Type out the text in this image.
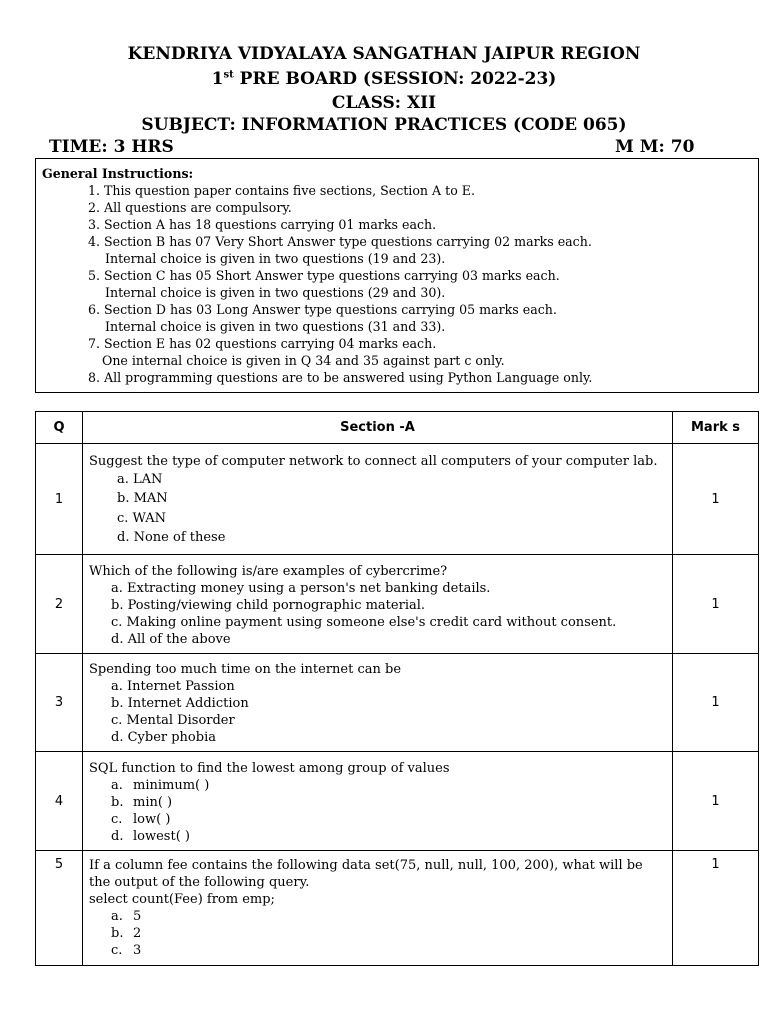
KENDRIYA VIDYALAYA SANGATHAN JAIPUR REGION
1st PRE BOARD (SESSION: 2022-23)
CLASS: XII
SUBJECT: INFORMATION PRACTICES (CODE 065)
TIME: 3 HRS	M M: 70
General Instructions:
1. This question paper contains five sections, Section A to E.
2. All questions are compulsory.
3. Section A has 18 questions carrying 01 marks each.
4. Section B has 07 Very Short Answer type questions carrying 02 marks each.
Internal choice is given in two questions (19 and 23).
5. Section C has 05 Short Answer type questions carrying 03 marks each.
Internal choice is given in two questions (29 and 30).
6. Section D has 03 Long Answer type questions carrying 05 marks each.
Internal choice is given in two questions (31 and 33).
7. Section E has 02 questions carrying 04 marks each.
One internal choice is given in Q 34 and 35 against part c only.
8. All programming questions are to be answered using Python Language only.
Q	Section -A	Mark s
1	Suggest the type of computer network to connect all computers of your computer lab.
a. LAN
b. MAN
c. WAN
d. None of these	1
2	Which of the following is/are examples of cybercrime?
a. Extracting money using a person's net banking details.
b. Posting/viewing child pornographic material.
c. Making online payment using someone else's credit card without consent.
d. All of the above	1
3	Spending too much time on the internet can be
a. Internet Passion
b. Internet Addiction
c. Mental Disorder
d. Cyber phobia	1
4	SQL function to find the lowest among group of values
a. minimum( )
b. min( )
c. low( )
d. lowest( )	1
5	If a column fee contains the following data set(75, null, null, 100, 200), what will be the output of the following query.
select count(Fee) from emp;
a. 5
b. 2
c. 3	1
